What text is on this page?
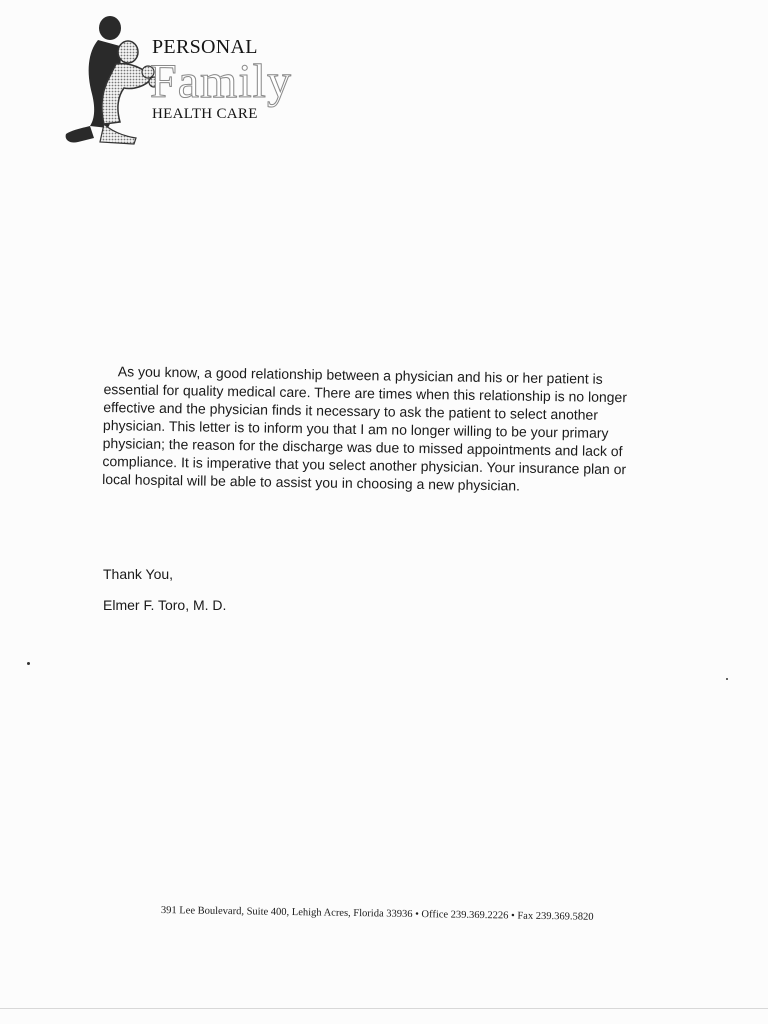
PERSONAL
Family
HEALTH CARE

As you know, a good relationship between a physician and his or her patient is essential for quality medical care. There are times when this relationship is no longer effective and the physician finds it necessary to ask the patient to select another physician. This letter is to inform you that I am no longer willing to be your primary physician; the reason for the discharge was due to missed appointments and lack of compliance. It is imperative that you select another physician. Your insurance plan or local hospital will be able to assist you in choosing a new physician.

Thank You,
Elmer F. Toro, M. D.
391 Lee Boulevard, Suite 400, Lehigh Acres, Florida 33936 • Office 239.369.2226 • Fax 239.369.5820
